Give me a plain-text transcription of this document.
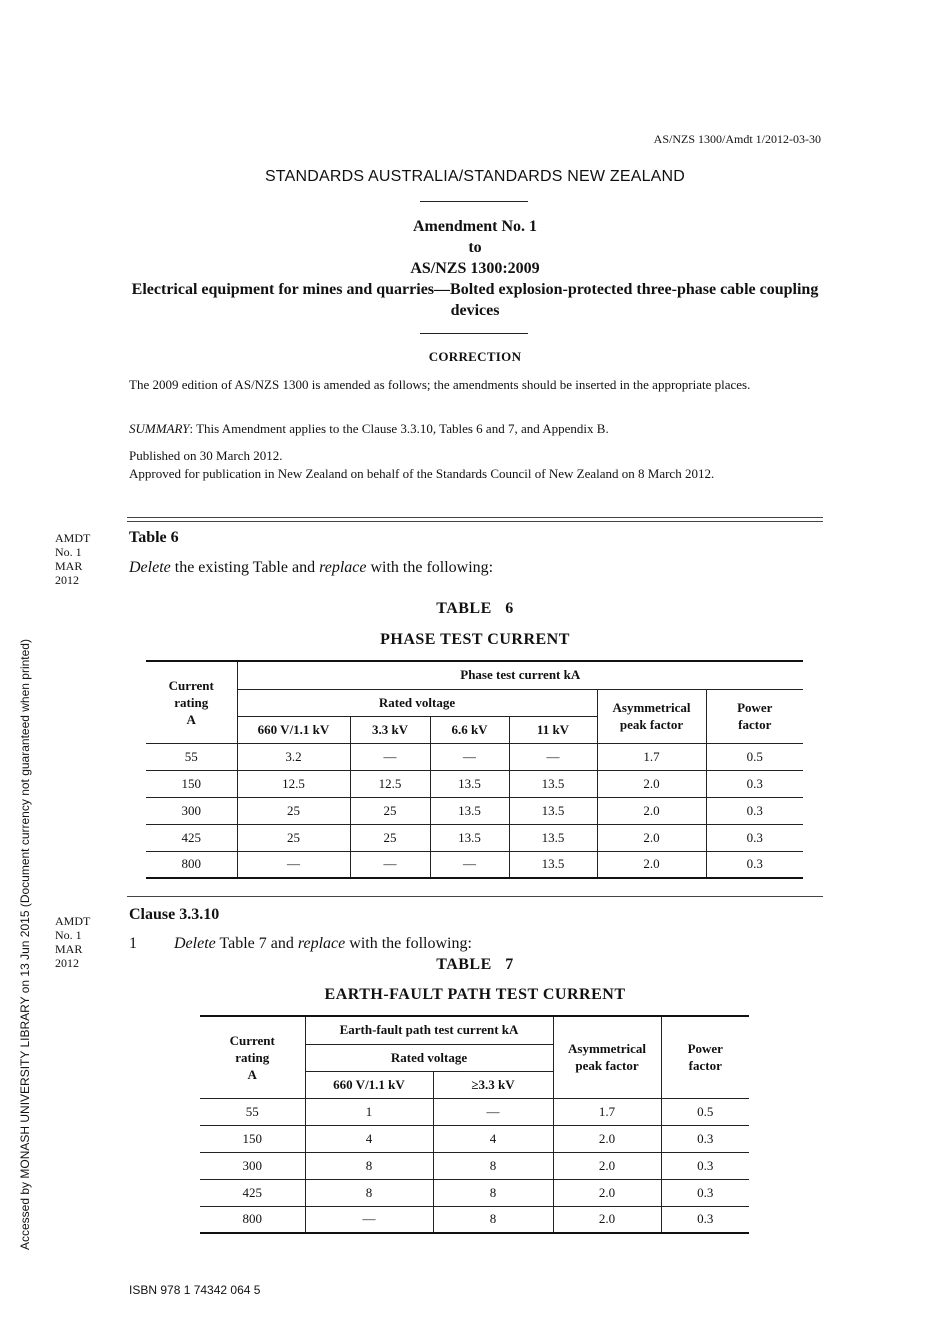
AS/NZS 1300/Amdt 1/2012-03-30
STANDARDS AUSTRALIA/STANDARDS NEW ZEALAND
Amendment No. 1
to
AS/NZS 1300:2009
Electrical equipment for mines and quarries—Bolted explosion-protected three-phase cable coupling devices
CORRECTION
The 2009 edition of AS/NZS 1300 is amended as follows; the amendments should be inserted in the appropriate places.
SUMMARY: This Amendment applies to the Clause 3.3.10, Tables 6 and 7, and Appendix B.
Published on 30 March 2012.
Approved for publication in New Zealand on behalf of the Standards Council of New Zealand on 8 March 2012.
AMDT
No. 1
MAR
2012
Table 6
Delete the existing Table and replace with the following:
TABLE   6
PHASE TEST CURRENT
Current
rating
A	Phase test current kA					
	Rated voltage				Asymmetrical
peak factor	Power
factor
	660 V/1.1 kV	3.3 kV	6.6 kV	11 kV		
55	3.2	—	—	—	1.7	0.5
150	12.5	12.5	13.5	13.5	2.0	0.3
300	25	25	13.5	13.5	2.0	0.3
425	25	25	13.5	13.5	2.0	0.3
800	—	—	—	13.5	2.0	0.3
AMDT
No. 1
MAR
2012
Clause 3.3.10
1 Delete Table 7 and replace with the following:
TABLE   7
EARTH-FAULT PATH TEST CURRENT
Current
rating
A	Earth-fault path test current kA		Asymmetrical
peak factor	Power
factor
	Rated voltage			
	660 V/1.1 kV	≥3.3 kV		
55	1	—	1.7	0.5
150	4	4	2.0	0.3
300	8	8	2.0	0.3
425	8	8	2.0	0.3
800	—	8	2.0	0.3
Accessed by MONASH UNIVERSITY LIBRARY on 13 Jun 2015 (Document currency not guaranteed when printed)
ISBN 978 1 74342 064 5
